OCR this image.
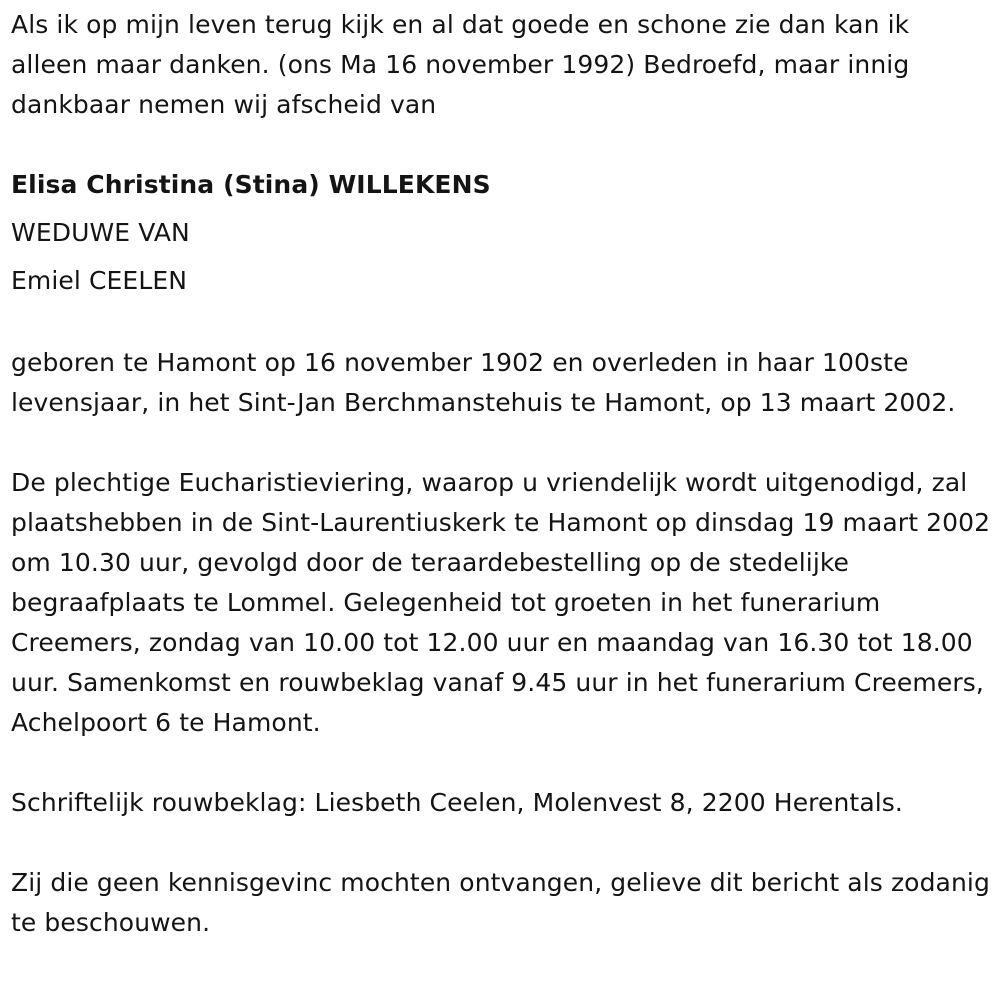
Als ik op mijn leven terug kijk en al dat goede en schone zie dan kan ik alleen maar danken. (ons Ma 16 november 1992) Bedroefd, maar innig dankbaar nemen wij afscheid van

Elisa Christina (Stina) WILLEKENS
WEDUWE VAN
Emiel CEELEN

geboren te Hamont op 16 november 1902 en overleden in haar 100ste levensjaar, in het Sint-Jan Berchmanstehuis te Hamont, op 13 maart 2002.

De plechtige Eucharistieviering, waarop u vriendelijk wordt uitgenodigd, zal plaatshebben in de Sint-Laurentiuskerk te Hamont op dinsdag 19 maart 2002 om 10.30 uur, gevolgd door de teraardebestelling op de stedelijke begraafplaats te Lommel. Gelegenheid tot groeten in het funerarium Creemers, zondag van 10.00 tot 12.00 uur en maandag van 16.30 tot 18.00 uur. Samenkomst en rouwbeklag vanaf 9.45 uur in het funerarium Creemers, Achelpoort 6 te Hamont.

Schriftelijk rouwbeklag: Liesbeth Ceelen, Molenvest 8, 2200 Herentals.

Zij die geen kennisgevinc mochten ontvangen, gelieve dit bericht als zodanig te beschouwen.
